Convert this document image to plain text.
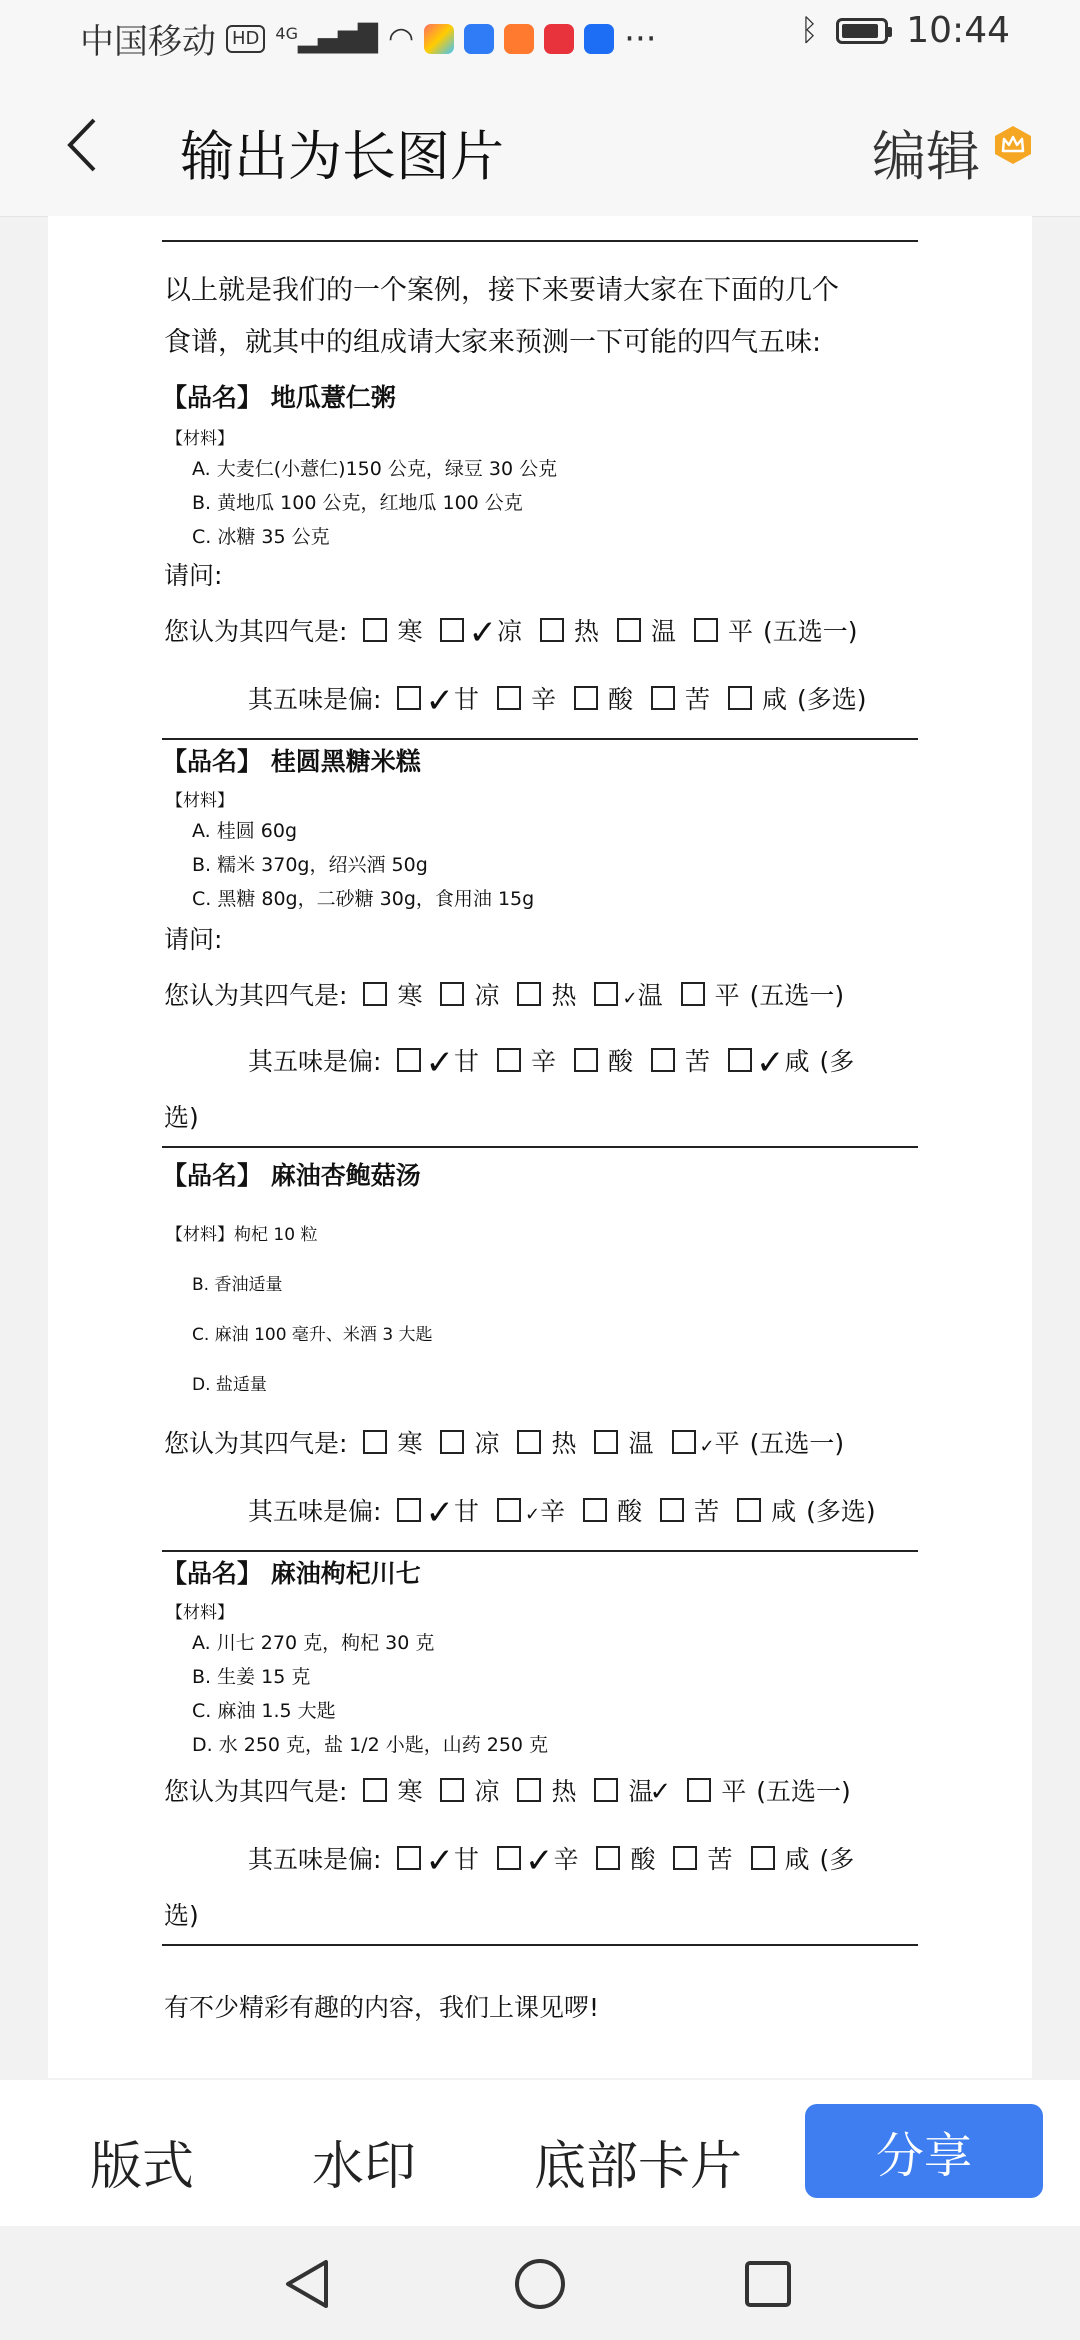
中国移动 HD	$^{4G}$▂▄▆█ ◠	···	ᛒ 10:44
输出为长图片	编辑
以上就是我们的一个案例，接下来要请大家在下面的几个
食谱，就其中的组成请大家来预测一下可能的四气五味:
【品名】 地瓜薏仁粥
【材料】
A. 大麦仁(小薏仁)150 公克，绿豆 30 公克
B. 黄地瓜 100 公克，红地瓜 100 公克
C. 冰糖 35 公克
请问:
您认为其四气是: 寒 ✓凉 热 温 平 (五选一)
其五味是偏: ✓甘 辛 酸 苦 咸 (多选)
【品名】 桂圆黑糖米糕
【材料】
A. 桂圆 60g
B. 糯米 370g，绍兴酒 50g
C. 黑糖 80g，二砂糖 30g，食用油 15g
请问:
您认为其四气是: 寒 凉 热	✓温 平 (五选一)
其五味是偏: ✓甘 辛 酸 苦 ✓咸 (多
选)
【品名】 麻油杏鲍菇汤
【材料】枸杞 10 粒
B. 香油适量
C. 麻油 100 毫升、米酒 3 大匙
D. 盐适量
您认为其四气是: 寒 凉 热 温	✓平 (五选一)
其五味是偏: ✓甘	✓辛 酸 苦 咸 (多选)
【品名】 麻油枸杞川七
【材料】
A. 川七 270 克，枸杞 30 克
B. 生姜 15 克
C. 麻油 1.5 大匙
D. 水 250 克，盐 1/2 小匙，山药 250 克
您认为其四气是: 寒 凉 热 温✓ 平 (五选一)
其五味是偏: ✓甘 ✓辛 酸 苦 咸 (多
选)
有不少精彩有趣的内容，我们上课见啰!
版式 水印 底部卡片	分享
